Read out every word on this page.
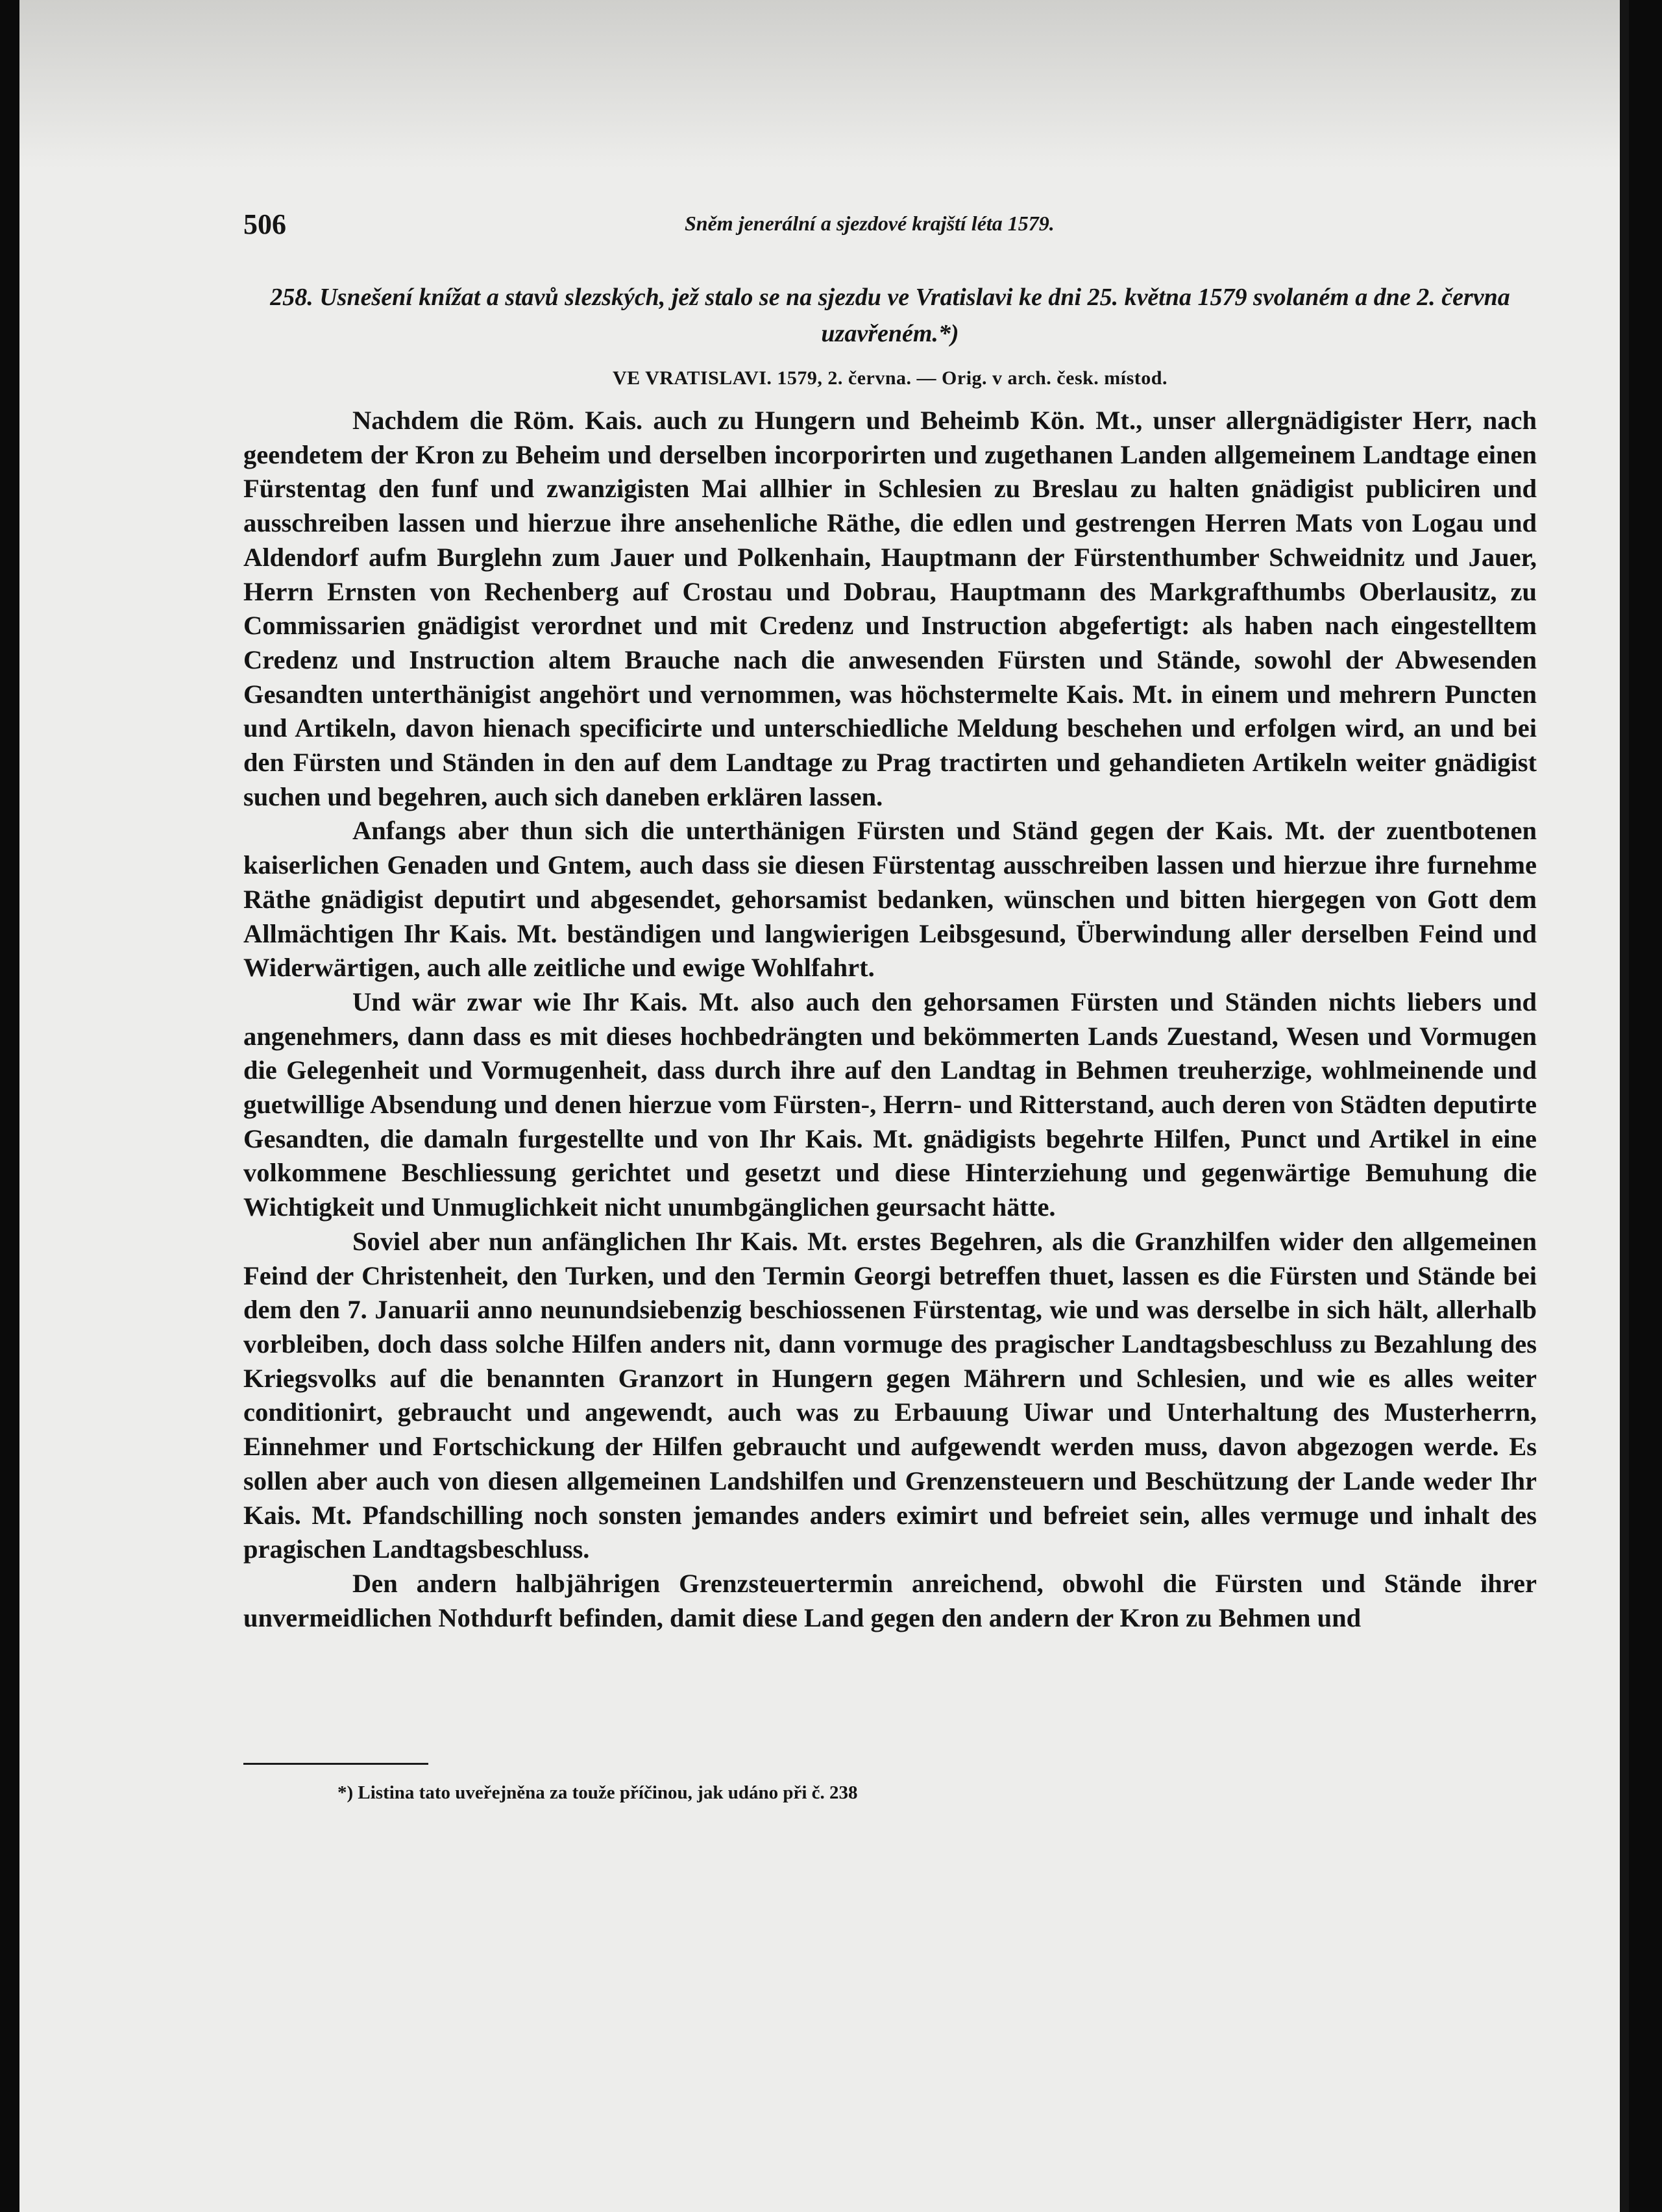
506	Sněm jenerální a sjezdové krajští léta 1579.

258. Usnešení knížat a stavů slezských, jež stalo se na sjezdu ve Vratislavi ke dni 25. května 1579 svolaném a dne 2. června uzavřeném.*)

VE VRATISLAVI. 1579, 2. června. — Orig. v arch. česk. místod.

Nachdem die Röm. Kais. auch zu Hungern und Beheimb Kön. Mt., unser allergnädigister Herr, nach geendetem der Kron zu Beheim und derselben incorporirten und zugethanen Landen allgemeinem Landtage einen Fürstentag den funf und zwanzigisten Mai allhier in Schlesien zu Breslau zu halten gnädigist publiciren und ausschreiben lassen und hierzue ihre ansehenliche Räthe, die edlen und gestrengen Herren Mats von Logau und Aldendorf aufm Burglehn zum Jauer und Polkenhain, Hauptmann der Fürstenthumber Schweidnitz und Jauer, Herrn Ernsten von Rechenberg auf Crostau und Dobrau, Hauptmann des Markgrafthumbs Oberlausitz, zu Commissarien gnädigist verordnet und mit Credenz und Instruction abgefertigt: als haben nach eingestelltem Credenz und Instruction altem Brauche nach die anwesenden Fürsten und Stände, sowohl der Abwesenden Gesandten unterthänigist angehört und vernommen, was höchstermelte Kais. Mt. in einem und mehrern Puncten und Artikeln, davon hienach specificirte und unterschiedliche Meldung beschehen und erfolgen wird, an und bei den Fürsten und Ständen in den auf dem Landtage zu Prag tractirten und gehandieten Artikeln weiter gnädigist suchen und begehren, auch sich daneben erklären lassen.

Anfangs aber thun sich die unterthänigen Fürsten und Ständ gegen der Kais. Mt. der zuentbotenen kaiserlichen Genaden und Gntem, auch dass sie diesen Fürstentag ausschreiben lassen und hierzue ihre furnehme Räthe gnädigist deputirt und abgesendet, gehorsamist bedanken, wünschen und bitten hiergegen von Gott dem Allmächtigen Ihr Kais. Mt. beständigen und langwierigen Leibsgesund, Überwindung aller derselben Feind und Widerwärtigen, auch alle zeitliche und ewige Wohlfahrt.

Und wär zwar wie Ihr Kais. Mt. also auch den gehorsamen Fürsten und Ständen nichts liebers und angenehmers, dann dass es mit dieses hochbedrängten und bekömmerten Lands Zuestand, Wesen und Vormugen die Gelegenheit und Vormugenheit, dass durch ihre auf den Landtag in Behmen treuherzige, wohlmeinende und guetwillige Absendung und denen hierzue vom Fürsten-, Herrn- und Ritterstand, auch deren von Städten deputirte Gesandten, die damaln furgestellte und von Ihr Kais. Mt. gnädigists begehrte Hilfen, Punct und Artikel in eine volkommene Beschliessung gerichtet und gesetzt und diese Hinterziehung und gegenwärtige Bemuhung die Wichtigkeit und Unmuglichkeit nicht unumbgänglichen geursacht hätte.

Soviel aber nun anfänglichen Ihr Kais. Mt. erstes Begehren, als die Granzhilfen wider den allgemeinen Feind der Christenheit, den Turken, und den Termin Georgi betreffen thuet, lassen es die Fürsten und Stände bei dem den 7. Januarii anno neunundsiebenzig beschiossenen Fürstentag, wie und was derselbe in sich hält, allerhalb vorbleiben, doch dass solche Hilfen anders nit, dann vormuge des pragischer Landtagsbeschluss zu Bezahlung des Kriegsvolks auf die benannten Granzort in Hungern gegen Mährern und Schlesien, und wie es alles weiter conditionirt, gebraucht und angewendt, auch was zu Erbauung Uiwar und Unterhaltung des Musterherrn, Einnehmer und Fortschickung der Hilfen gebraucht und aufgewendt werden muss, davon abgezogen werde. Es sollen aber auch von diesen allgemeinen Landshilfen und Grenzensteuern und Beschützung der Lande weder Ihr Kais. Mt. Pfandschilling noch sonsten jemandes anders eximirt und befreiet sein, alles vermuge und inhalt des pragischen Landtagsbeschluss.

Den andern halbjährigen Grenzsteuertermin anreichend, obwohl die Fürsten und Stände ihrer unvermeidlichen Nothdurft befinden, damit diese Land gegen den andern der Kron zu Behmen und

*) Listina tato uveřejněna za touže příčinou, jak udáno při č. 238
